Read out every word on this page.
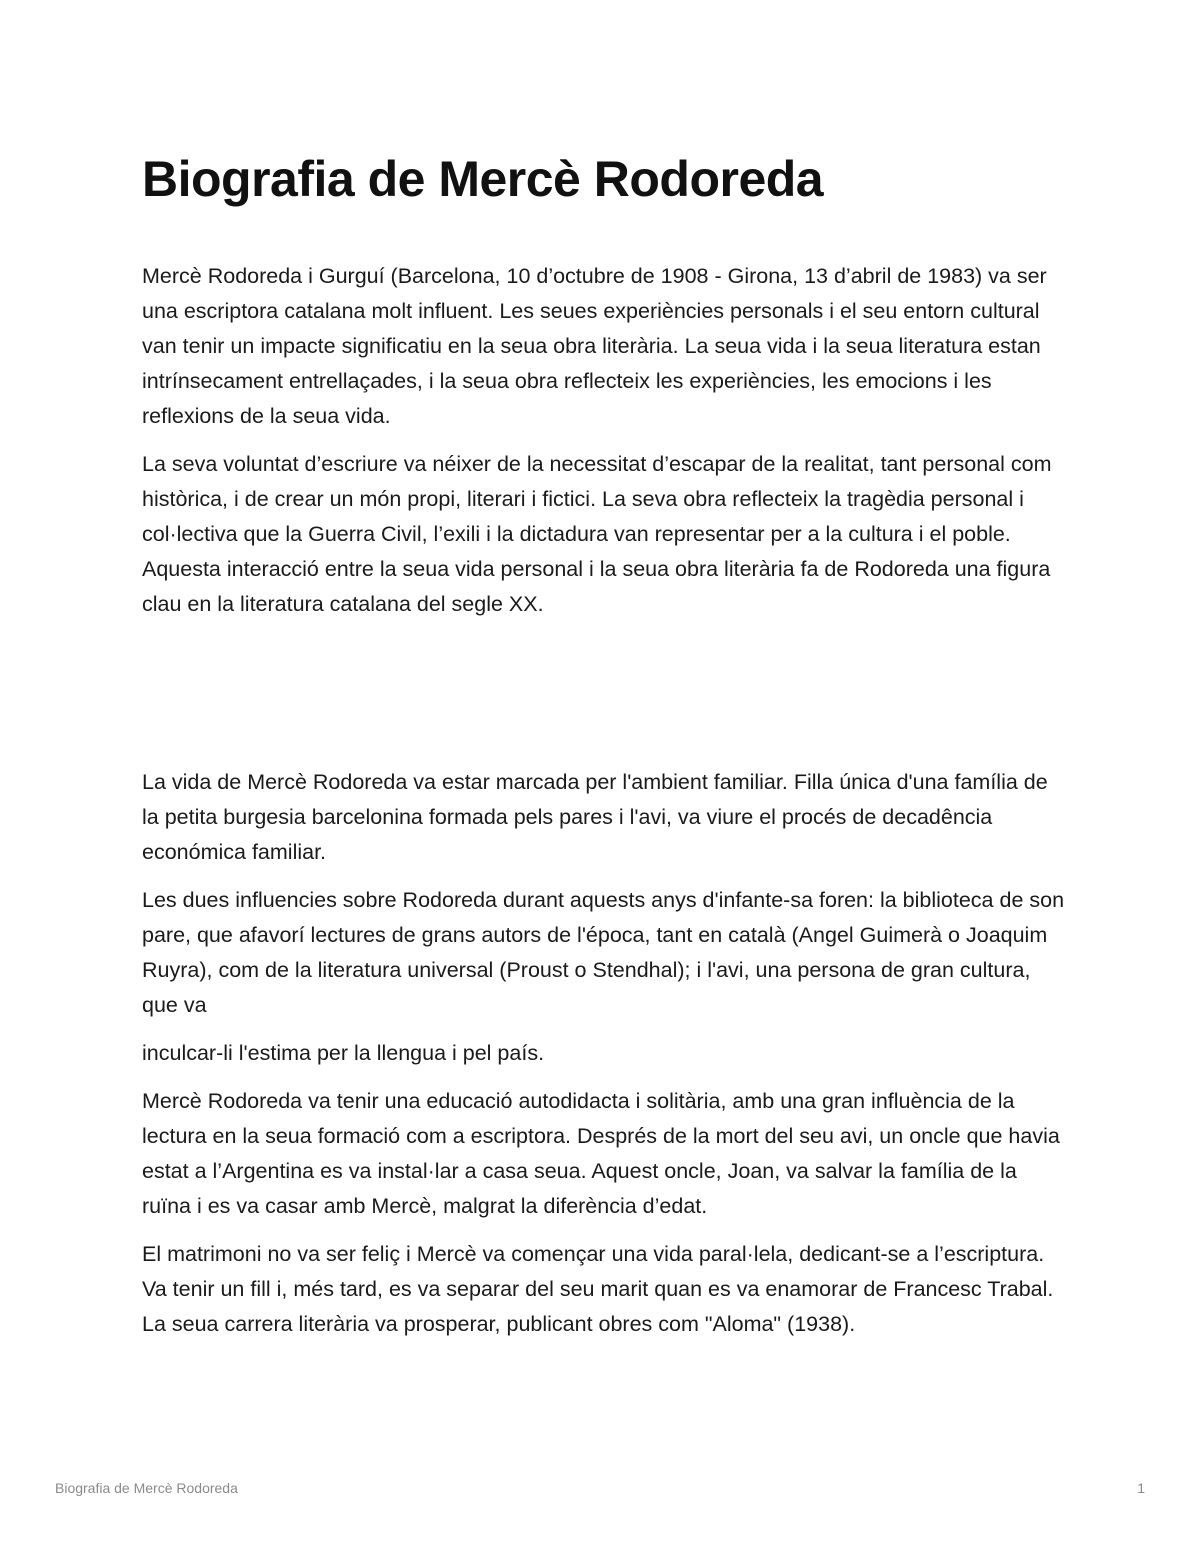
Biografia de Mercè Rodoreda

Mercè Rodoreda i Gurguí (Barcelona, 10 d’octubre de 1908 - Girona, 13 d’abril de 1983) va ser una escriptora catalana molt influent. Les seues experiències personals i el seu entorn cultural van tenir un impacte significatiu en la seua obra literària. La seua vida i la seua literatura estan intrínsecament entrellaçades, i la seua obra reflecteix les experiències, les emocions i les reflexions de la seua vida.

La seva voluntat d’escriure va néixer de la necessitat d’escapar de la realitat, tant personal com històrica, i de crear un món propi, literari i fictici. La seva obra reflecteix la tragèdia personal i col·lectiva que la Guerra Civil, l’exili i la dictadura van representar per a la cultura i el poble. Aquesta interacció entre la seua vida personal i la seua obra literària fa de Rodoreda una figura clau en la literatura catalana del segle XX.

La vida de Mercè Rodoreda va estar marcada per l'ambient familiar. Filla única d'una família de la petita burgesia barcelonina formada pels pares i l'avi, va viure el procés de decadência económica familiar.

Les dues influencies sobre Rodoreda durant aquests anys d'infante-sa foren: la biblioteca de son pare, que afavorí lectures de grans autors de l'época, tant en català (Angel Guimerà o Joaquim Ruyra), com de la literatura universal (Proust o Stendhal); i l'avi, una persona de gran cultura, que va

inculcar-li l'estima per la llengua i pel país.

Mercè Rodoreda va tenir una educació autodidacta i solitària, amb una gran influència de la lectura en la seua formació com a escriptora. Després de la mort del seu avi, un oncle que havia estat a l’Argentina es va instal·lar a casa seua. Aquest oncle, Joan, va salvar la família de la ruïna i es va casar amb Mercè, malgrat la diferència d’edat.

El matrimoni no va ser feliç i Mercè va començar una vida paral·lela, dedicant-se a l’escriptura. Va tenir un fill i, més tard, es va separar del seu marit quan es va enamorar de Francesc Trabal. La seua carrera literària va prosperar, publicant obres com "Aloma" (1938).

Biografia de Mercè Rodoreda	1
